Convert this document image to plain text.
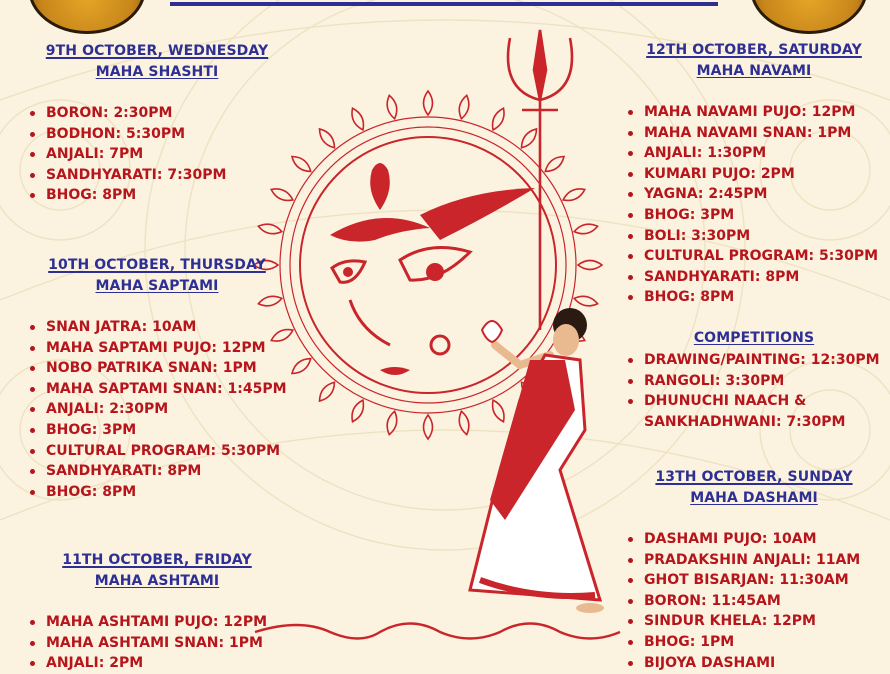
9TH OCTOBER, WEDNESDAY
MAHA SHASHTI
BORON: 2:30PM
BODHON: 5:30PM
ANJALI: 7PM
SANDHYARATI: 7:30PM
BHOG: 8PM
10TH OCTOBER, THURSDAY
MAHA SAPTAMI
SNAN JATRA: 10AM
MAHA SAPTAMI PUJO: 12PM
NOBO PATRIKA SNAN: 1PM
MAHA SAPTAMI SNAN: 1:45PM
ANJALI: 2:30PM
BHOG: 3PM
CULTURAL PROGRAM: 5:30PM
SANDHYARATI: 8PM
BHOG: 8PM
11TH OCTOBER, FRIDAY
MAHA ASHTAMI
MAHA ASHTAMI PUJO: 12PM
MAHA ASHTAMI SNAN: 1PM
ANJALI: 2PM
12TH OCTOBER, SATURDAY
MAHA NAVAMI
MAHA NAVAMI PUJO: 12PM
MAHA NAVAMI SNAN: 1PM
ANJALI: 1:30PM
KUMARI PUJO: 2PM
YAGNA: 2:45PM
BHOG: 3PM
BOLI: 3:30PM
CULTURAL PROGRAM: 5:30PM
SANDHYARATI: 8PM
BHOG: 8PM
COMPETITIONS
DRAWING/PAINTING: 12:30PM
RANGOLI: 3:30PM
DHUNUCHI NAACH &
SANKHADHWANI: 7:30PM
13TH OCTOBER, SUNDAY
MAHA DASHAMI
DASHAMI PUJO: 10AM
PRADAKSHIN ANJALI: 11AM
GHOT BISARJAN: 11:30AM
BORON: 11:45AM
SINDUR KHELA: 12PM
BHOG: 1PM
BIJOYA DASHAMI
